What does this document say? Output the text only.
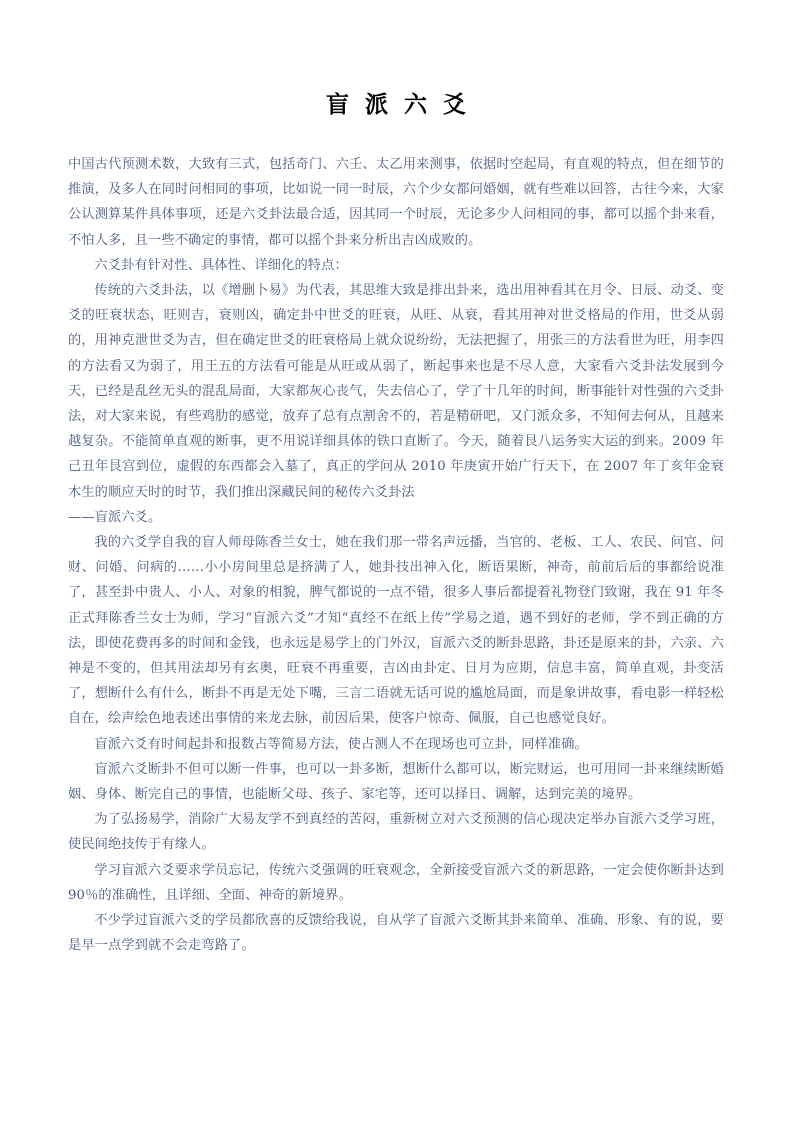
盲  派  六  爻

中国古代预测术数，大致有三式，包括奇门、六壬、太乙用来测事，依据时空起局，有直观的特点，但在细节的推演，及多人在同时问相同的事项，比如说一同一时辰，六个少女都问婚姻，就有些难以回答，古往今来，大家公认测算某件具体事项，还是六爻卦法最合适，因其同一个时辰，无论多少人问相同的事，都可以摇个卦来看，不怕人多，且一些不确定的事情，都可以摇个卦来分析出吉凶成败的。

六爻卦有针对性、具体性、详细化的特点：

传统的六爻卦法，以《增删卜易》为代表，其思维大致是排出卦来，选出用神看其在月令、日辰、动爻、变爻的旺衰状态，旺则吉，衰则凶，确定卦中世爻的旺衰，从旺、从衰，看其用神对世爻格局的作用，世爻从弱的，用神克泄世爻为吉，但在确定世爻的旺衰格局上就众说纷纷，无法把握了，用张三的方法看世为旺，用李四的方法看又为弱了，用王五的方法看可能是从旺或从弱了，断起事来也是不尽人意，大家看六爻卦法发展到今天，已经是乱丝无头的混乱局面，大家都灰心丧气，失去信心了，学了十几年的时间，断事能针对性强的六爻卦法，对大家来说，有些鸡肋的感觉，放弃了总有点割舍不的，若是精研吧，又门派众多，不知何去何从，且越来越复杂。不能简单直观的断事，更不用说详细具体的铁口直断了。今天，随着艮八运务实大运的到来。2009 年己丑年艮宫到位，虚假的东西都会入墓了，真正的学问从 2010 年庚寅开始广行天下，在 2007 年丁亥年金衰木生的顺应天时的时节，我们推出深藏民间的秘传六爻卦法

——盲派六爻。

我的六爻学自我的盲人师母陈香兰女士，她在我们那一带名声远播，当官的、老板、工人、农民、问官、问财、问婚、问病的……小小房间里总是挤满了人，她卦技出神入化，断语果断，神奇，前前后后的事都给说准了，甚至卦中贵人、小人、对象的相貌，脾气都说的一点不错，很多人事后都提着礼物登门致谢，我在 91 年冬正式拜陈香兰女士为师，学习“盲派六爻”才知“真经不在纸上传”学易之道，遇不到好的老师，学不到正确的方法，即使花费再多的时间和金钱，也永远是易学上的门外汉，盲派六爻的断卦思路，卦还是原来的卦，六亲、六神是不变的，但其用法却另有玄奥，旺衰不再重要，吉凶由卦定、日月为应期，信息丰富，简单直观，卦变活了，想断什么有什么，断卦不再是无处下嘴，三言二语就无话可说的尴尬局面，而是象讲故事，看电影一样轻松自在，绘声绘色地表述出事情的来龙去脉，前因后果，使客户惊奇、佩服，自己也感觉良好。

盲派六爻有时间起卦和报数占等简易方法，使占测人不在现场也可立卦，同样准确。

盲派六爻断卦不但可以断一件事，也可以一卦多断，想断什么都可以，断完财运，也可用同一卦来继续断婚姻、身体、断完自己的事情，也能断父母、孩子、家宅等，还可以择日、调解，达到完美的境界。

为了弘扬易学，消除广大易友学不到真经的苦闷，重新树立对六爻预测的信心现决定举办盲派六爻学习班，使民间绝技传于有缘人。

学习盲派六爻要求学员忘记，传统六爻强调的旺衰观念，全新接受盲派六爻的新思路，一定会使你断卦达到 90％的准确性，且详细、全面、神奇的新境界。

不少学过盲派六爻的学员都欣喜的反馈给我说，自从学了盲派六爻断其卦来简单、准确、形象、有的说，要是早一点学到就不会走弯路了。
